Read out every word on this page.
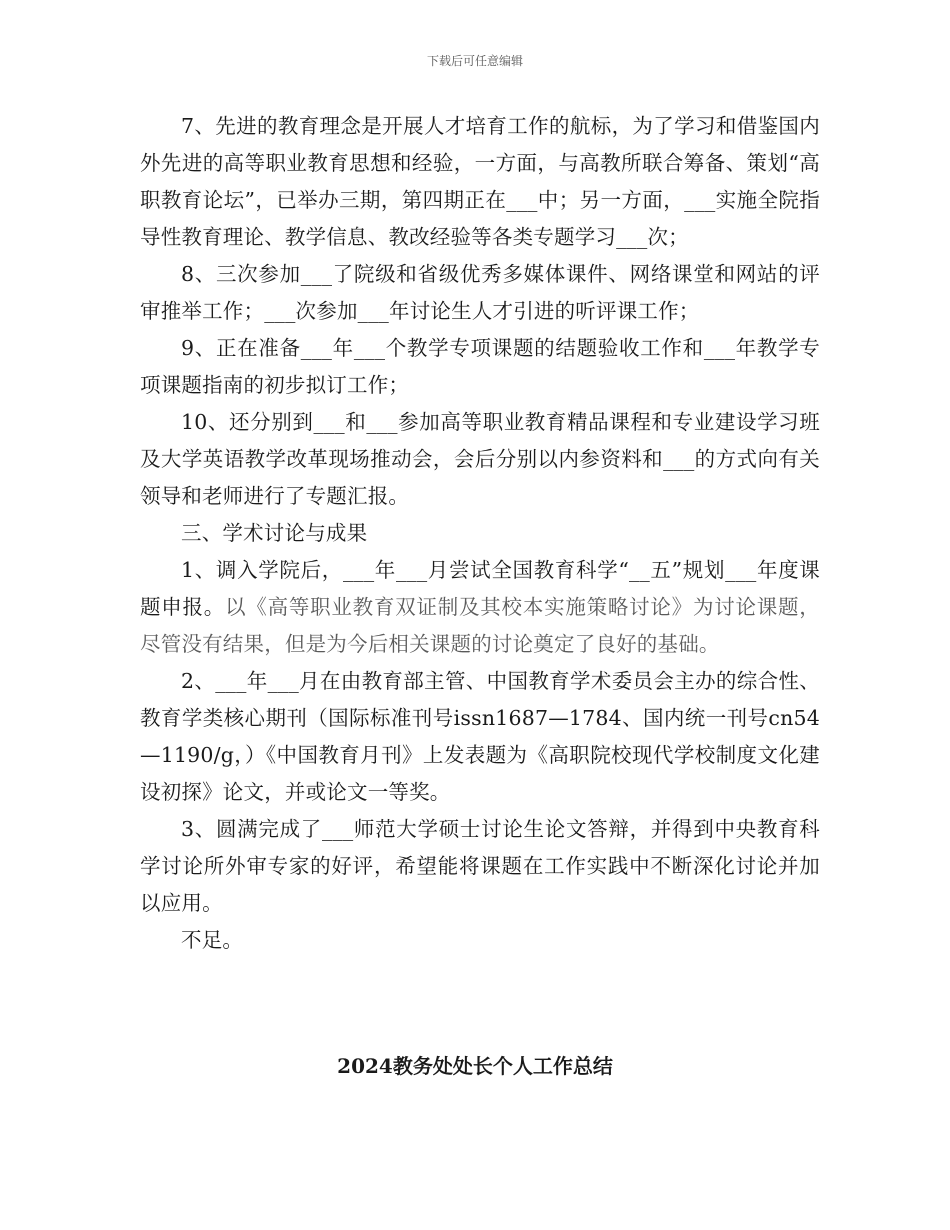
下载后可任意编辑

7、先进的教育理念是开展人才培育工作的航标，为了学习和借鉴国内外先进的高等职业教育思想和经验，一方面，与高教所联合筹备、策划“高职教育论坛”，已举办三期，第四期正在___中；另一方面，___实施全院指导性教育理论、教学信息、教改经验等各类专题学习___次；

8、三次参加___了院级和省级优秀多媒体课件、网络课堂和网站的评审推举工作；___次参加___年讨论生人才引进的听评课工作；

9、正在准备___年___个教学专项课题的结题验收工作和___年教学专项课题指南的初步拟订工作；

10、还分别到___和___参加高等职业教育精品课程和专业建设学习班及大学英语教学改革现场推动会，会后分别以内参资料和___的方式向有关领导和老师进行了专题汇报。

三、学术讨论与成果

1、调入学院后，___年___月尝试全国教育科学“__五”规划___年度课题申报。以《高等职业教育双证制及其校本实施策略讨论》为讨论课题，尽管没有结果，但是为今后相关课题的讨论奠定了良好的基础。

2、___年___月在由教育部主管、中国教育学术委员会主办的综合性、教育学类核心期刊（国际标准刊号issn1687—1784、国内统一刊号cn54—1190/g，）《中国教育月刊》上发表题为《高职院校现代学校制度文化建设初探》论文，并或论文一等奖。

3、圆满完成了___师范大学硕士讨论生论文答辩，并得到中央教育科学讨论所外审专家的好评，希望能将课题在工作实践中不断深化讨论并加以应用。

不足。

2024教务处处长个人工作总结
